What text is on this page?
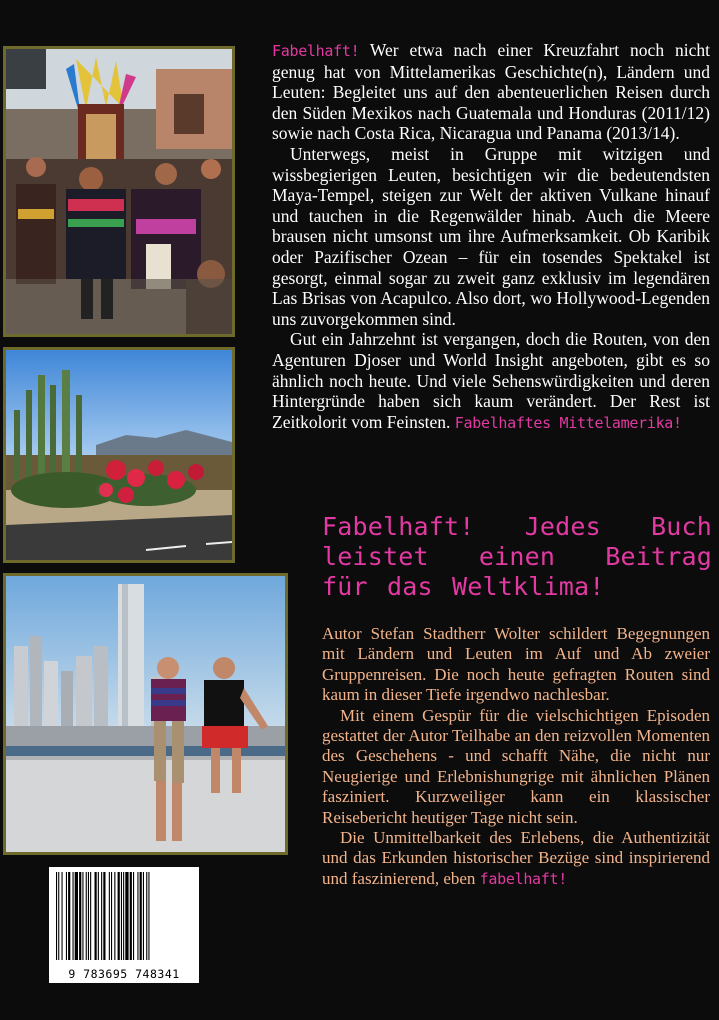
Fabelhaft! Wer etwa nach einer Kreuzfahrt noch nicht genug hat von Mittelamerikas Geschichte(n), Ländern und Leuten: Begleitet uns auf den abenteuerlichen Reisen durch den Süden Mexikos nach Guatemala und Honduras (2011/12) sowie nach Costa Rica, Nicaragua und Panama (2013/14).

Unterwegs, meist in Gruppe mit witzigen und wissbegierigen Leuten, besichtigen wir die bedeutendsten Maya-Tempel, steigen zur Welt der aktiven Vulkane hinauf und tauchen in die Regenwälder hinab. Auch die Meere brausen nicht umsonst um ihre Aufmerksamkeit. Ob Karibik oder Pazifischer Ozean – für ein tosendes Spektakel ist gesorgt, einmal sogar zu zweit ganz exklusiv im legendären Las Brisas von Acapulco. Also dort, wo Hollywood-Legenden uns zuvorgekommen sind.

Gut ein Jahrzehnt ist vergangen, doch die Routen, von den Agenturen Djoser und World Insight angeboten, gibt es so ähnlich noch heute. Und viele Sehenswürdigkeiten und deren Hintergründe haben sich kaum verändert. Der Rest ist Zeitkolorit vom Feinsten. Fabelhaftes Mittelamerika!

Fabelhaft! Jedes Buch leistet einen Beitrag für das Weltklima!

Autor Stefan Stadtherr Wolter schildert Begegnungen mit Ländern und Leuten im Auf und Ab zweier Gruppenreisen. Die noch heute gefragten Routen sind kaum in dieser Tiefe irgendwo nachlesbar.

Mit einem Gespür für die vielschichtigen Episoden gestattet der Autor Teilhabe an den reizvollen Momenten des Geschehens - und schafft Nähe, die nicht nur Neugierige und Erlebnishungrige mit ähnlichen Plänen fasziniert. Kurzweiliger kann ein klassischer Reisebericht heutiger Tage nicht sein.

Die Unmittelbarkeit des Erlebens, die Authentizität und das Erkunden historischer Bezüge sind inspirierend und faszinierend, eben fabelhaft!

9 783695 748341
